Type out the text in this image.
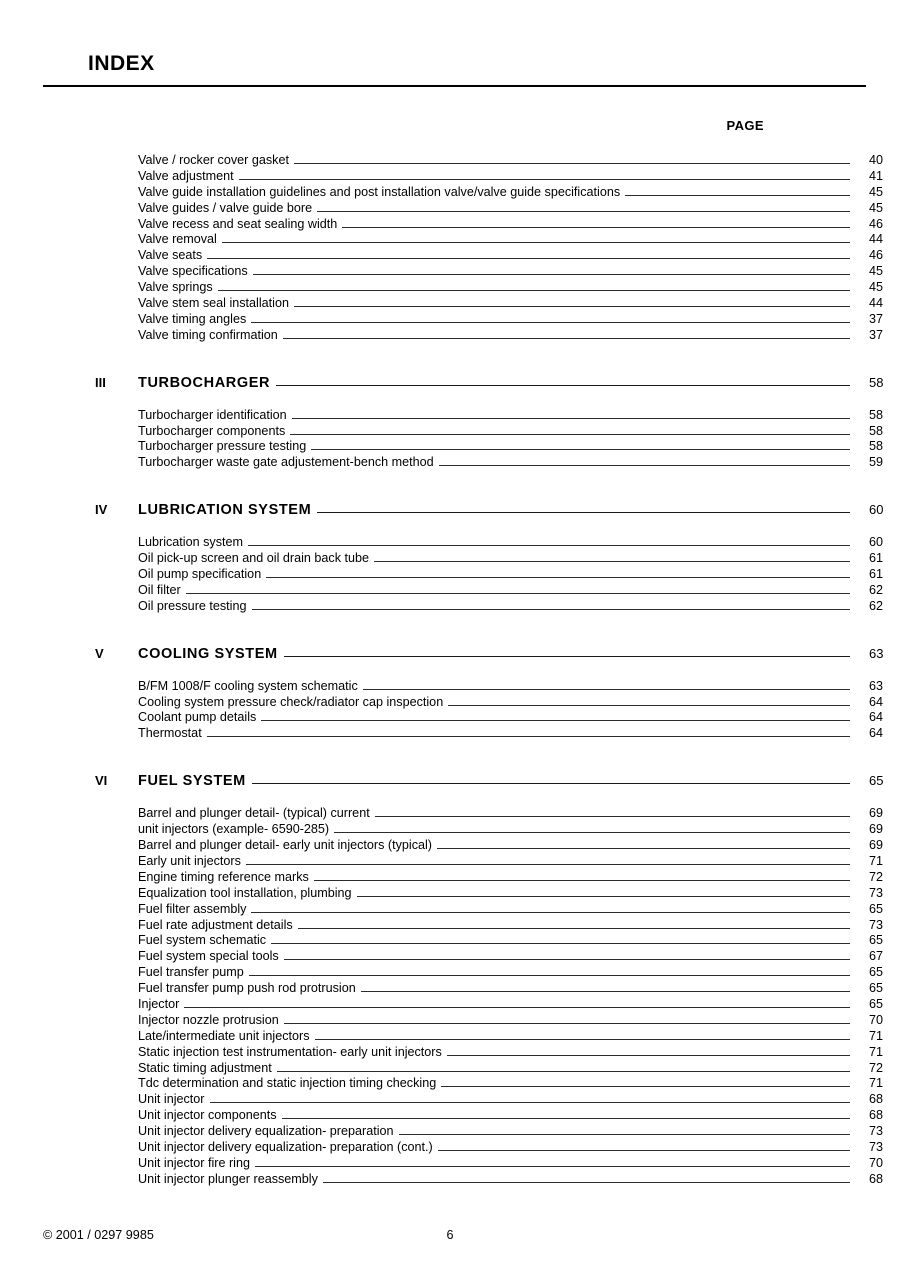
INDEX
PAGE
Valve / rocker cover gasket	40
Valve adjustment	41
Valve guide installation guidelines and post installation valve/valve guide specifications	45
Valve guides / valve guide bore	45
Valve recess and seat sealing width	46
Valve removal	44
Valve seats	46
Valve specifications	45
Valve springs	45
Valve stem seal installation	44
Valve timing angles	37
Valve timing confirmation	37
III	TURBOCHARGER	58
Turbocharger identification	58
Turbocharger components	58
Turbocharger pressure testing	58
Turbocharger waste gate adjustement-bench method	59
IV	LUBRICATION SYSTEM	60
Lubrication system	60
Oil pick-up screen and oil drain back tube	61
Oil pump specification	61
Oil filter	62
Oil pressure testing	62
V	COOLING SYSTEM	63
B/FM 1008/F cooling system schematic	63
Cooling system pressure check/radiator cap inspection	64
Coolant pump details	64
Thermostat	64
VI	FUEL SYSTEM	65
Barrel and plunger detail- (typical) current	69
unit injectors (example- 6590-285)	69
Barrel and plunger detail- early unit injectors (typical)	69
Early unit injectors	71
Engine timing reference marks	72
Equalization tool installation, plumbing	73
Fuel filter assembly	65
Fuel rate adjustment details	73
Fuel system schematic	65
Fuel system special tools	67
Fuel transfer pump	65
Fuel transfer pump push rod protrusion	65
Injector	65
Injector nozzle protrusion	70
Late/intermediate unit injectors	71
Static injection test instrumentation- early unit injectors	71
Static timing adjustment	72
Tdc determination and static injection timing checking	71
Unit injector	68
Unit injector components	68
Unit injector delivery equalization- preparation	73
Unit injector delivery equalization- preparation (cont.)	73
Unit injector fire ring	70
Unit injector plunger reassembly	68
© 2001 / 0297 9985	6
